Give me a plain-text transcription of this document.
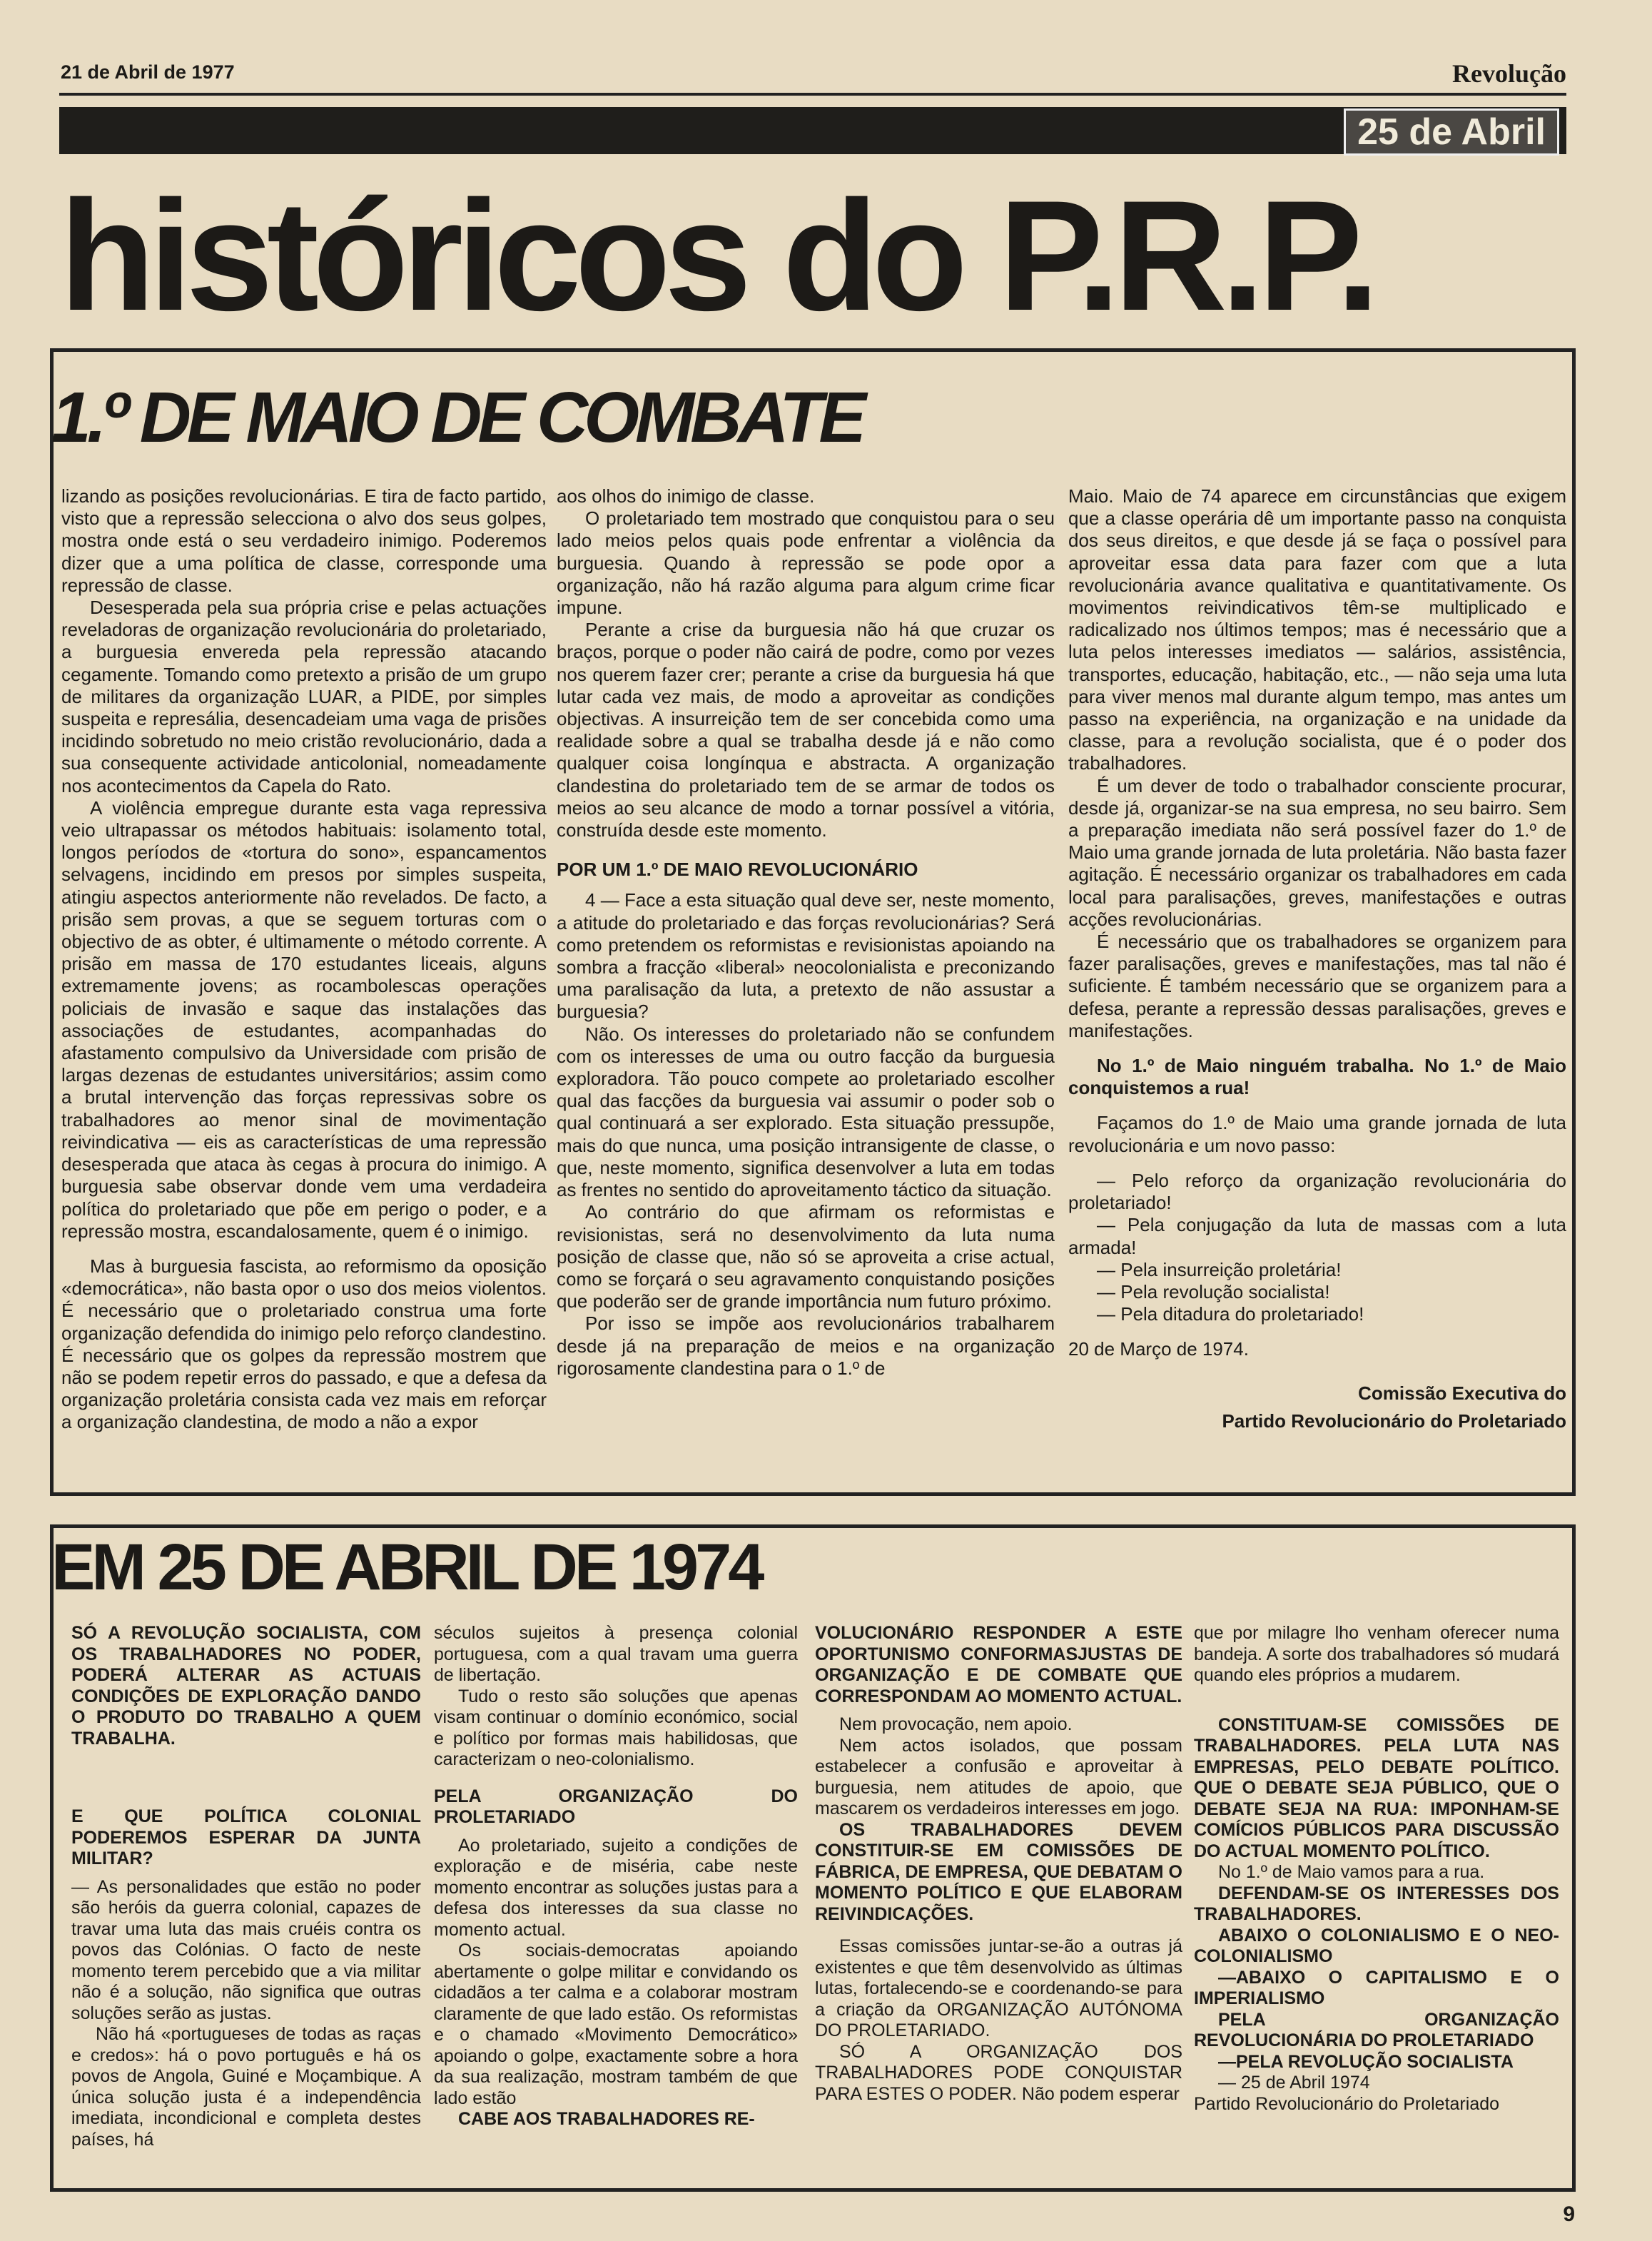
21 de Abril de 1977	Revolução
25 de Abril
históricos do P.R.P.
1.º DE MAIO DE COMBATE

lizando as posições revolucionárias. E tira de facto partido, visto que a repressão selecciona o alvo dos seus golpes, mostra onde está o seu verdadeiro inimigo. Poderemos dizer que a uma política de classe, corresponde uma repressão de classe.

Desesperada pela sua própria crise e pelas actuações reveladoras de organização revolucionária do proletariado, a burguesia envereda pela repressão atacando cegamente. Tomando como pretexto a prisão de um grupo de militares da organização LUAR, a PIDE, por simples suspeita e represália, desencadeiam uma vaga de prisões incidindo sobretudo no meio cristão revolucionário, dada a sua consequente actividade anticolonial, nomeadamente nos acontecimentos da Capela do Rato.

A violência empregue durante esta vaga repressiva veio ultrapassar os métodos habituais: isolamento total, longos períodos de «tortura do sono», espancamentos selvagens, incidindo em presos por simples suspeita, atingiu aspectos anteriormente não revelados. De facto, a prisão sem provas, a que se seguem torturas com o objectivo de as obter, é ultimamente o método corrente. A prisão em massa de 170 estudantes liceais, alguns extremamente jovens; as rocambolescas operações policiais de invasão e saque das instalações das associações de estudantes, acompanhadas do afastamento compulsivo da Universidade com prisão de largas dezenas de estudantes universitários; assim como a brutal intervenção das forças repressivas sobre os trabalhadores ao menor sinal de movimentação reivindicativa — eis as características de uma repressão desesperada que ataca às cegas à procura do inimigo. A burguesia sabe observar donde vem uma verdadeira política do proletariado que põe em perigo o poder, e a repressão mostra, escandalosamente, quem é o inimigo.

Mas à burguesia fascista, ao reformismo da oposição «democrática», não basta opor o uso dos meios violentos. É necessário que o proletariado construa uma forte organização defendida do inimigo pelo reforço clandestino. É necessário que os golpes da repressão mostrem que não se podem repetir erros do passado, e que a defesa da organização proletária consista cada vez mais em reforçar a organização clandestina, de modo a não a expor

aos olhos do inimigo de classe.

O proletariado tem mostrado que conquistou para o seu lado meios pelos quais pode enfrentar a violência da burguesia. Quando à repressão se pode opor a organização, não há razão alguma para algum crime ficar impune.

Perante a crise da burguesia não há que cruzar os braços, porque o poder não cairá de podre, como por vezes nos querem fazer crer; perante a crise da burguesia há que lutar cada vez mais, de modo a aproveitar as condições objectivas. A insurreição tem de ser concebida como uma realidade sobre a qual se trabalha desde já e não como qualquer coisa longínqua e abstracta. A organização clandestina do proletariado tem de se armar de todos os meios ao seu alcance de modo a tornar possível a vitória, construída desde este momento.

POR UM 1.º DE MAIO REVOLUCIONÁRIO

4 — Face a esta situação qual deve ser, neste momento, a atitude do proletariado e das forças revolucionárias? Será como pretendem os reformistas e revisionistas apoiando na sombra a fracção «liberal» neocolonialista e preconizando uma paralisação da luta, a pretexto de não assustar a burguesia?

Não. Os interesses do proletariado não se confundem com os interesses de uma ou outro facção da burguesia exploradora. Tão pouco compete ao proletariado escolher qual das facções da burguesia vai assumir o poder sob o qual continuará a ser explorado. Esta situação pressupõe, mais do que nunca, uma posição intransigente de classe, o que, neste momento, significa desenvolver a luta em todas as frentes no sentido do aproveitamento táctico da situação.

Ao contrário do que afirmam os reformistas e revisionistas, será no desenvolvimento da luta numa posição de classe que, não só se aproveita a crise actual, como se forçará o seu agravamento conquistando posições que poderão ser de grande importância num futuro próximo.

Por isso se impõe aos revolucionários trabalharem desde já na preparação de meios e na organização rigorosamente clandestina para o 1.º de

Maio. Maio de 74 aparece em circunstâncias que exigem que a classe operária dê um importante passo na conquista dos seus direitos, e que desde já se faça o possível para aproveitar essa data para fazer com que a luta revolucionária avance qualitativa e quantitativamente. Os movimentos reivindicativos têm-se multiplicado e radicalizado nos últimos tempos; mas é necessário que a luta pelos interesses imediatos — salários, assistência, transportes, educação, habitação, etc., — não seja uma luta para viver menos mal durante algum tempo, mas antes um passo na experiência, na organização e na unidade da classe, para a revolução socialista, que é o poder dos trabalhadores.

É um dever de todo o trabalhador consciente procurar, desde já, organizar-se na sua empresa, no seu bairro. Sem a preparação imediata não será possível fazer do 1.º de Maio uma grande jornada de luta proletária. Não basta fazer agitação. É necessário organizar os trabalhadores em cada local para paralisações, greves, manifestações e outras acções revolucionárias.

É necessário que os trabalhadores se organizem para fazer paralisações, greves e manifestações, mas tal não é suficiente. É também necessário que se organizem para a defesa, perante a repressão dessas paralisações, greves e manifestações.

No 1.º de Maio ninguém trabalha. No 1.º de Maio conquistemos a rua!

Façamos do 1.º de Maio uma grande jornada de luta revolucionária e um novo passo:

— Pelo reforço da organização revolucionária do proletariado!

— Pela conjugação da luta de massas com a luta armada!

— Pela insurreição proletária!

— Pela revolução socialista!

— Pela ditadura do proletariado!

20 de Março de 1974.

Comissão Executiva do

Partido Revolucionário do Proletariado

EM 25 DE ABRIL DE 1974

SÓ A REVOLUÇÃO SOCIALISTA, COM OS TRABALHADORES NO PODER, PODERÁ ALTERAR AS ACTUAIS CONDIÇÕES DE EXPLORAÇÃO DANDO O PRODUTO DO TRABALHO A QUEM TRABALHA.

E QUE POLÍTICA COLONIAL PODEREMOS ESPERAR DA JUNTA MILITAR?

— As personalidades que estão no poder são heróis da guerra colonial, capazes de travar uma luta das mais cruéis contra os povos das Colónias. O facto de neste momento terem percebido que a via militar não é a solução, não significa que outras soluções serão as justas.

Não há «portugueses de todas as raças e credos»: há o povo português e há os povos de Angola, Guiné e Moçambique. A única solução justa é a independência imediata, incondicional e completa destes países, há

séculos sujeitos à presença colonial portuguesa, com a qual travam uma guerra de libertação.

Tudo o resto são soluções que apenas visam continuar o domínio económico, social e político por formas mais habilidosas, que caracterizam o neo-colonialismo.

PELA ORGANIZAÇÃO DO PROLETARIADO

Ao proletariado, sujeito a condições de exploração e de miséria, cabe neste momento encontrar as soluções justas para a defesa dos interesses da sua classe no momento actual.

Os sociais-democratas apoiando abertamente o golpe militar e convidando os cidadãos a ter calma e a colaborar mostram claramente de que lado estão. Os reformistas e o chamado «Movimento Democrático» apoiando o golpe, exactamente sobre a hora da sua realização, mostram também de que lado estão

CABE AOS TRABALHADORES RE-

VOLUCIONÁRIO RESPONDER A ESTE OPORTUNISMO CONFORMASJUSTAS DE ORGANIZAÇÃO E DE COMBATE QUE CORRESPONDAM AO MOMENTO ACTUAL.

Nem provocação, nem apoio.

Nem actos isolados, que possam estabelecer a confusão e aproveitar à burguesia, nem atitudes de apoio, que mascarem os verdadeiros interesses em jogo.

OS TRABALHADORES DEVEM CONSTITUIR-SE EM COMISSÕES DE FÁBRICA, DE EMPRESA, QUE DEBATAM O MOMENTO POLÍTICO E QUE ELABORAM REIVINDICAÇÕES.

Essas comissões juntar-se-ão a outras já existentes e que têm desenvolvido as últimas lutas, fortalecendo-se e coordenando-se para a criação da ORGANIZAÇÃO AUTÓNOMA DO PROLETARIADO.

SÓ A ORGANIZAÇÃO DOS TRABALHADORES PODE CONQUISTAR PARA ESTES O PODER. Não podem esperar

que por milagre lho venham oferecer numa bandeja. A sorte dos trabalhadores só mudará quando eles próprios a mudarem.

CONSTITUAM-SE COMISSÕES DE TRABALHADORES. PELA LUTA NAS EMPRESAS, PELO DEBATE POLÍTICO. QUE O DEBATE SEJA PÚBLICO, QUE O DEBATE SEJA NA RUA: IMPONHAM-SE COMÍCIOS PÚBLICOS PARA DISCUSSÃO DO ACTUAL MOMENTO POLÍTICO.

No 1.º de Maio vamos para a rua.

DEFENDAM-SE OS INTERESSES DOS TRABALHADORES.

ABAIXO O COLONIALISMO E O NEO-COLONIALISMO

—ABAIXO O CAPITALISMO E O IMPERIALISMO

PELA ORGANIZAÇÃO REVOLUCIONÁRIA DO PROLETARIADO

—PELA REVOLUÇÃO SOCIALISTA

— 25 de Abril 1974

Partido Revolucionário do Proletariado

9
